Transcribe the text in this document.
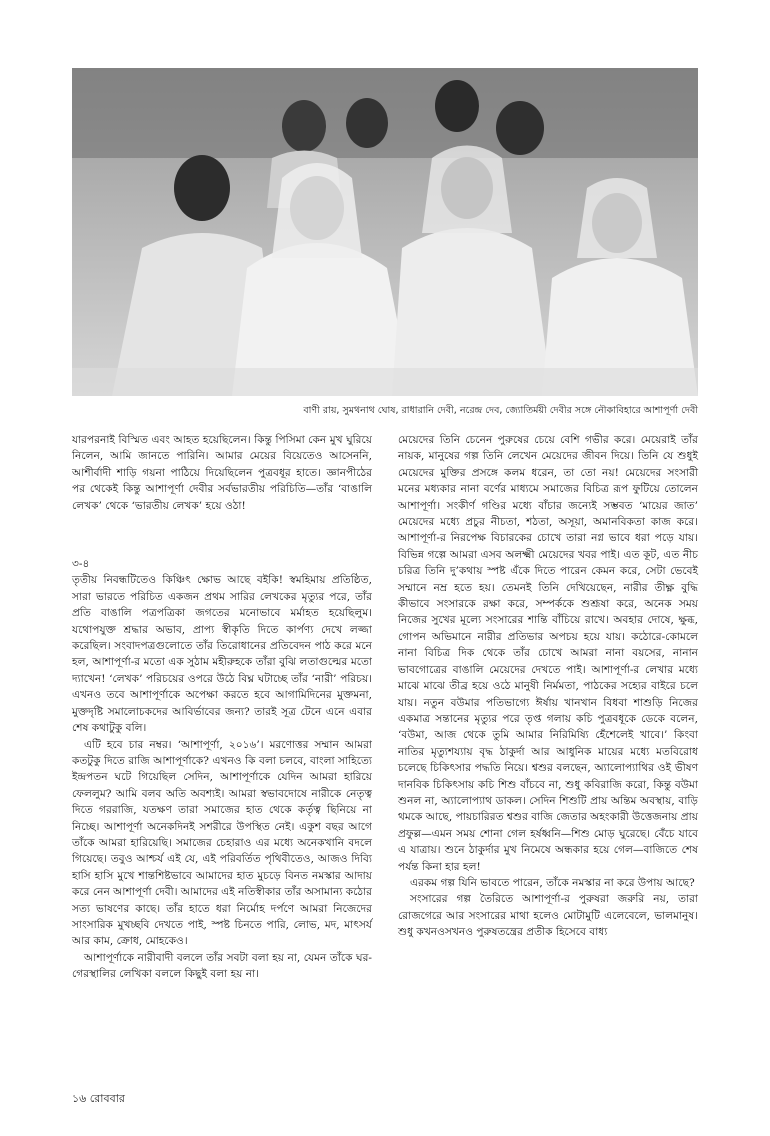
বাণী রায়, সুমথনাথ ঘোষ, রাধারানি দেবী, নরেন্দ্র দেব, জ্যোতির্ময়ী দেবীর সঙ্গে নৌকাবিহারে আশাপূর্ণা দেবী

যারপরনাই বিস্মিত এবং আহত হয়েছিলেন। কিন্তু পিসিমা কেন মুখ ঘুরিয়ে নিলেন, আমি জানতে পারিনি। আমার মেয়ের বিয়েতেও আসেননি, আশীর্বাদী শাড়ি গয়না পাঠিয়ে দিয়েছিলেন পুত্রবধূর হাতে। জ্ঞানপীঠের পর থেকেই কিন্তু আশাপূর্ণা দেবীর সর্বভারতীয় পরিচিতি—তাঁর ‘বাঙালি লেখক’ থেকে ‘ভারতীয় লেখক’ হয়ে ওঠা!

৩-৪

তৃতীয় নিবন্ধটিতেও কিঞ্চিৎ ক্ষোভ আছে বইকি! স্বমহিমায় প্রতিষ্ঠিত, সারা ভারতে পরিচিত একজন প্রথম সারির লেখকের মৃত্যুর পরে, তাঁর প্রতি বাঙালি পত্রপত্রিকা জগতের মনোভাবে মর্মাহত হয়েছিলুম। যথোপযুক্ত শ্রদ্ধার অভাব, প্রাপ্য স্বীকৃতি দিতে কার্পণ্য দেখে লজ্জা করেছিল। সংবাদপত্রগুলোতে তাঁর তিরোধানের প্রতিবেদন পাঠ করে মনে হল, আশাপূর্ণা-র মতো এক সুঠাম মহীরুহকে তাঁরা বুঝি লতাগুল্মের মতো দ্যাখেন! ‘লেখক’ পরিচয়ের ওপরে উঠে বিঘ্ন ঘটাচ্ছে তাঁর ‘নারী’ পরিচয়। এখনও তবে আশাপূর্ণাকে অপেক্ষা করতে হবে আগামিদিনের মুক্তমনা, মুক্তদৃষ্টি সমালোচকদের আবির্ভাবের জন্য? তারই সূত্র টেনে এনে এবার শেষ কথাটুকু বলি।

এটি হবে চার নম্বর। ‘আশাপূর্ণা, ২০১৬’। মরণোত্তর সম্মান আমরা কতটুকু দিতে রাজি আশাপূর্ণাকে? এখনও কি বলা চলবে, বাংলা সাহিত্যে ইন্দ্রপতন ঘটে গিয়েছিল সেদিন, আশাপূর্ণাকে যেদিন আমরা হারিয়ে ফেললুম? আমি বলব অতি অবশ্যই। আমরা স্বভাবদোষে নারীকে নেতৃত্ব দিতে গররাজি, যতক্ষণ তারা সমাজের হাত থেকে কর্তৃত্ব ছিনিয়ে না নিচ্ছে। আশাপূর্ণা অনেকদিনই সশরীরে উপস্থিত নেই। একুশ বছর আগে তাঁকে আমরা হারিয়েছি। সমাজের চেহারাও এর মধ্যে অনেকখানি বদলে গিয়েছে। তবুও আশ্চর্য এই যে, এই পরিবর্তিত পৃথিবীতেও, আজও দিব্যি হাসি হাসি মুখে শান্তশিষ্টভাবে আমাদের হাত মুচড়ে বিনত নমস্কার আদায় করে নেন আশাপূর্ণা দেবী। আমাদের এই নতিস্বীকার তাঁর অসামান্য কঠোর সত্য ভাষণের কাছে। তাঁর হাতে ধরা নির্মোহ দর্পণে আমরা নিজেদের সাংসারিক মুখচ্ছবি দেখতে পাই, স্পষ্ট চিনতে পারি, লোভ, মদ, মাৎসর্য আর কাম, ক্রোধ, মোহকেও।

আশাপূর্ণাকে নারীবাদী বললে তাঁর সবটা বলা হয় না, যেমন তাঁকে ঘর-গেরস্থালির লেখিকা বললে কিছুই বলা হয় না।

মেয়েদের তিনি চেনেন পুরুষের চেয়ে বেশি গভীর করে। মেয়েরাই তাঁর নায়ক, মানুষের গল্প তিনি লেখেন মেয়েদের জীবন দিয়ে। তিনি যে শুধুই মেয়েদের মুক্তির প্রসঙ্গে কলম ধরেন, তা তো নয়! মেয়েদের সংসারী মনের মধ্যকার নানা বর্ণের মাধ্যমে সমাজের বিচিত্র রূপ ফুটিয়ে তোলেন আশাপূর্ণা। সংকীর্ণ গণ্ডির মধ্যে বাঁচার জন্যেই সম্ভবত ‘মায়ের জাত’ মেয়েদের মধ্যে প্রচুর নীচতা, শঠতা, অসূয়া, অমানবিকতা কাজ করে। আশাপূর্ণা-র নিরপেক্ষ বিচারকের চোখে তারা নগ্ন ভাবে ধরা পড়ে যায়। বিভিন্ন গল্পে আমরা এসব অলক্ষ্মী মেয়েদের খবর পাই। এত কূট, এত নীচ চরিত্র তিনি দু’কথায় স্পষ্ট এঁকে দিতে পারেন কেমন করে, সেটা ভেবেই সম্মানে নম্র হতে হয়। তেমনই তিনি দেখিয়েছেন, নারীর তীক্ষ্ণ বুদ্ধি কীভাবে সংসারকে রক্ষা করে, সম্পর্ককে শুশ্রূষা করে, অনেক সময় নিজের সুখের মূল্যে সংসারের শান্তি বাঁচিয়ে রাখে। অবহার দোষে, ক্ষুব্ধ, গোপন অভিমানে নারীর প্রতিভার অপচয় হয়ে যায়। কঠোরে-কোমলে নানা বিচিত্র দিক থেকে তাঁর চোখে আমরা নানা বয়সের, নানান ভাবগোত্রের বাঙালি মেয়েদের দেখতে পাই। আশাপূর্ণা-র লেখার মধ্যে মাঝে মাঝে তীব্র হয়ে ওঠে মানুষী নির্মমতা, পাঠকের সহ্যের বাইরে চলে যায়। নতুন বউমার পতিভাগ্যে ঈর্ষায় খানখান বিধবা শাশুড়ি নিজের একমাত্র সন্তানের মৃত্যুর পরে তৃপ্ত গলায় কচি পুত্রবধূকে ডেকে বলেন, ‘বউমা, আজ থেকে তুমি আমার নিরিমিষ্যি হেঁশেলেই খাবে।’ কিংবা নাতির মৃত্যুশয্যায় বৃদ্ধ ঠাকুর্দা আর আধুনিক মায়ের মধ্যে মতবিরোধ চলেছে চিকিৎসার পদ্ধতি নিয়ে। শ্বশুর বলছেন, অ্যালোপ্যাথির ওই ভীষণ দানবিক চিকিৎসায় কচি শিশু বাঁচবে না, শুধু কবিরাজি করো, কিন্তু বউমা শুনল না, অ্যালোপ্যাথ ডাকল। সেদিন শিশুটি প্রায় অন্তিম অবস্থায়, বাড়ি থমকে আছে, পায়চারিরত শ্বশুর বাজি জেতার অহংকারী উত্তেজনায় প্রায় প্রফুল্ল—এমন সময় শোনা গেল হর্ষধ্বনি—শিশু মোড় ঘুরেছে। বেঁচে যাবে এ যাত্রায়। শুনে ঠাকুর্দার মুখ নিমেষে অন্ধকার হয়ে গেল—বাজিতে শেষ পর্যন্ত কিনা হার হল!

এরকম গল্প যিনি ভাবতে পারেন, তাঁকে নমস্কার না করে উপায় আছে?

সংসারের গল্প তৈরিতে আশাপূর্ণা-র পুরুষরা জরুরি নয়, তারা রোজগেরে আর সংসারের মাথা হলেও মোটামুটি এলেবেলে, ভালমানুষ। শুধু কখনওসখনও পুরুষতন্ত্রের প্রতীক হিসেবে বাধ্য

১৬ রোববার
